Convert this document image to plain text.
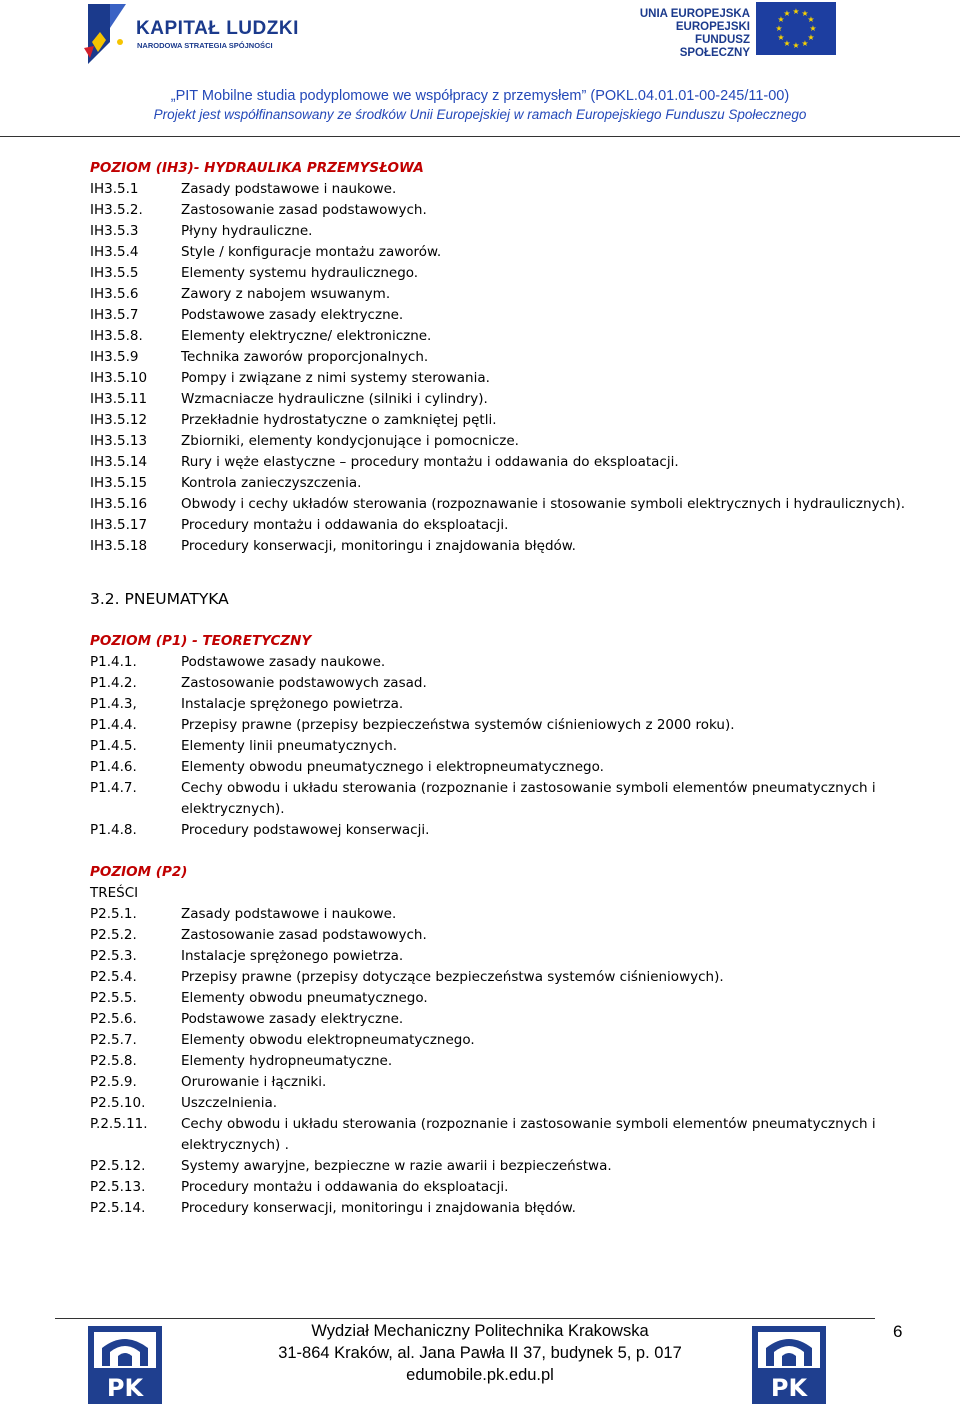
KAPITAŁ LUDZKI
NARODOWA STRATEGIA SPÓJNOŚCI
UNIA EUROPEJSKA
EUROPEJSKI
FUNDUSZ SPOŁECZNY
★ ★
★
★
★
★
★
★
★
★
★
★
„PIT Mobilne studia podyplomowe we współpracy z przemysłem” (POKL.04.01.01-00-245/11-00)
Projekt jest współfinansowany ze środków Unii Europejskiej w ramach Europejskiego Funduszu Społecznego
POZIOM (IH3)- HYDRAULIKA PRZEMYSŁOWA
IH3.5.1	Zasady podstawowe i naukowe.
IH3.5.2.	Zastosowanie zasad podstawowych.
IH3.5.3	Płyny hydrauliczne.
IH3.5.4	Style / konfiguracje montażu zaworów.
IH3.5.5	Elementy systemu hydraulicznego.
IH3.5.6	Zawory z nabojem wsuwanym.
IH3.5.7	Podstawowe zasady elektryczne.
IH3.5.8.	Elementy elektryczne/ elektroniczne.
IH3.5.9	Technika zaworów proporcjonalnych.
IH3.5.10	Pompy i związane z nimi systemy sterowania.
IH3.5.11	Wzmacniacze hydrauliczne (silniki i cylindry).
IH3.5.12	Przekładnie hydrostatyczne o zamkniętej pętli.
IH3.5.13	Zbiorniki, elementy kondycjonujące i pomocnicze.
IH3.5.14	Rury i węże elastyczne – procedury montażu i oddawania do eksploatacji.
IH3.5.15	Kontrola zanieczyszczenia.
IH3.5.16	Obwody i cechy układów sterowania (rozpoznawanie i stosowanie symboli elektrycznych i hydraulicznych).
IH3.5.17	Procedury montażu i oddawania do eksploatacji.
IH3.5.18	Procedury konserwacji, monitoringu i znajdowania błędów.
3.2. PNEUMATYKA
POZIOM (P1) - TEORETYCZNY
P1.4.1.	Podstawowe zasady naukowe.
P1.4.2.	Zastosowanie podstawowych zasad.
P1.4.3,	Instalacje sprężonego powietrza.
P1.4.4.	Przepisy prawne (przepisy bezpieczeństwa systemów ciśnieniowych z 2000 roku).
P1.4.5.	Elementy linii pneumatycznych.
P1.4.6.	Elementy obwodu pneumatycznego i elektropneumatycznego.
P1.4.7.	Cechy obwodu i układu sterowania (rozpoznanie i zastosowanie symboli elementów pneumatycznych i elektrycznych).
P1.4.8.	Procedury podstawowej konserwacji.
POZIOM (P2)
TREŚCI
P2.5.1.	Zasady podstawowe i naukowe.
P2.5.2.	Zastosowanie zasad podstawowych.
P2.5.3.	Instalacje sprężonego powietrza.
P2.5.4.	Przepisy prawne (przepisy dotyczące bezpieczeństwa systemów ciśnieniowych).
P2.5.5.	Elementy obwodu pneumatycznego.
P2.5.6.	Podstawowe zasady elektryczne.
P2.5.7.	Elementy obwodu elektropneumatycznego.
P2.5.8.	Elementy hydropneumatyczne.
P2.5.9.	Orurowanie i łączniki.
P2.5.10.	Uszczelnienia.
P.2.5.11.	Cechy obwodu i układu sterowania (rozpoznanie i zastosowanie symboli elementów pneumatycznych i elektrycznych) .
P2.5.12.	Systemy awaryjne, bezpieczne w razie awarii i bezpieczeństwa.
P2.5.13.	Procedury montażu i oddawania do eksploatacji.
P2.5.14.	Procedury konserwacji, monitoringu i znajdowania błędów.
6
PK
Wydział Mechaniczny Politechnika Krakowska
31-864 Kraków, al. Jana Pawła II 37, budynek 5, p. 017
edumobile.pk.edu.pl	PK
